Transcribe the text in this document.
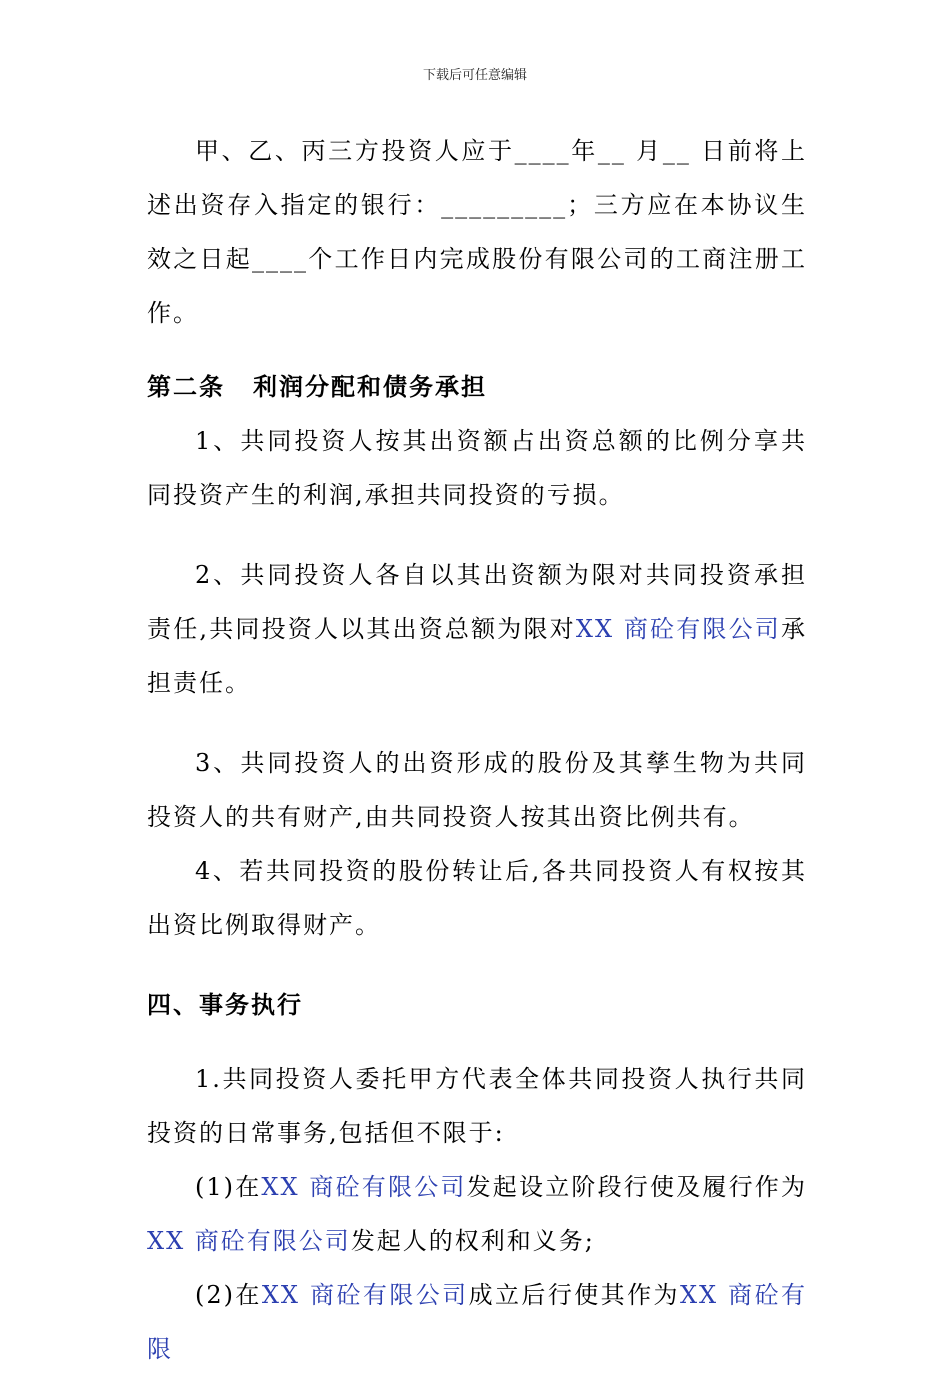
下载后可任意编辑

甲、乙、丙三方投资人应于____年__ 月__ 日前将上述出资存入指定的银行：_________；三方应在本协议生效之日起____个工作日内完成股份有限公司的工商注册工作。

第二条 利润分配和债务承担

1、共同投资人按其出资额占出资总额的比例分享共同投资产生的利润,承担共同投资的亏损。

2、共同投资人各自以其出资额为限对共同投资承担责任,共同投资人以其出资总额为限对XX 商砼有限公司承担责任。

3、共同投资人的出资形成的股份及其孳生物为共同投资人的共有财产,由共同投资人按其出资比例共有。

4、若共同投资的股份转让后,各共同投资人有权按其出资比例取得财产。

四、事务执行

1.共同投资人委托甲方代表全体共同投资人执行共同投资的日常事务,包括但不限于:

(1)在XX 商砼有限公司发起设立阶段行使及履行作为XX 商砼有限公司发起人的权利和义务;

(2)在XX 商砼有限公司成立后行使其作为XX 商砼有限
